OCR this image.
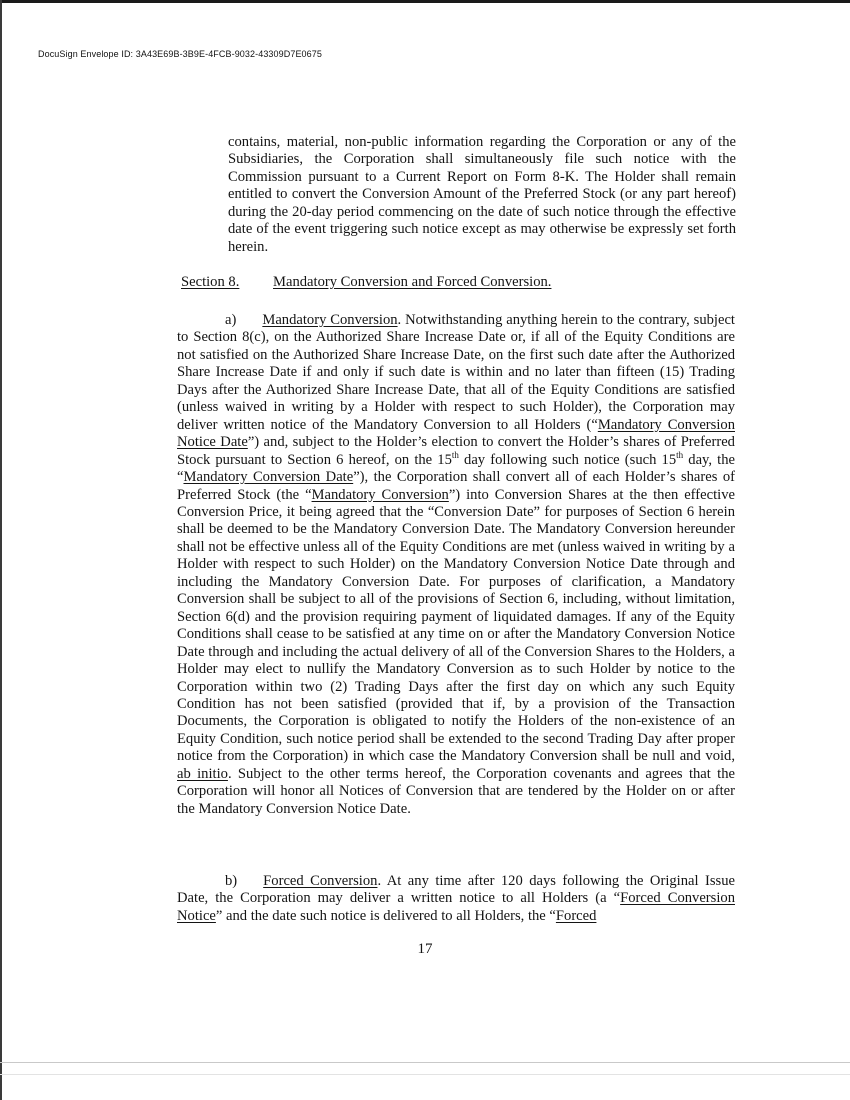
DocuSign Envelope ID: 3A43E69B-3B9E-4FCB-9032-43309D7E0675

contains, material, non-public information regarding the Corporation or any of the Subsidiaries, the Corporation shall simultaneously file such notice with the Commission pursuant to a Current Report on Form 8-K. The Holder shall remain entitled to convert the Conversion Amount of the Preferred Stock (or any part hereof) during the 20-day period commencing on the date of such notice through the effective date of the event triggering such notice except as may otherwise be expressly set forth herein.

Section 8. Mandatory Conversion and Forced Conversion.

a) Mandatory Conversion. Notwithstanding anything herein to the contrary, subject to Section 8(c), on the Authorized Share Increase Date or, if all of the Equity Conditions are not satisfied on the Authorized Share Increase Date, on the first such date after the Authorized Share Increase Date if and only if such date is within and no later than fifteen (15) Trading Days after the Authorized Share Increase Date, that all of the Equity Conditions are satisfied (unless waived in writing by a Holder with respect to such Holder), the Corporation may deliver written notice of the Mandatory Conversion to all Holders (“Mandatory Conversion Notice Date”) and, subject to the Holder’s election to convert the Holder’s shares of Preferred Stock pursuant to Section 6 hereof, on the 15th day following such notice (such 15th day, the “Mandatory Conversion Date”), the Corporation shall convert all of each Holder’s shares of Preferred Stock (the “Mandatory Conversion”) into Conversion Shares at the then effective Conversion Price, it being agreed that the “Conversion Date” for purposes of Section 6 herein shall be deemed to be the Mandatory Conversion Date. The Mandatory Conversion hereunder shall not be effective unless all of the Equity Conditions are met (unless waived in writing by a Holder with respect to such Holder) on the Mandatory Conversion Notice Date through and including the Mandatory Conversion Date. For purposes of clarification, a Mandatory Conversion shall be subject to all of the provisions of Section 6, including, without limitation, Section 6(d) and the provision requiring payment of liquidated damages. If any of the Equity Conditions shall cease to be satisfied at any time on or after the Mandatory Conversion Notice Date through and including the actual delivery of all of the Conversion Shares to the Holders, a Holder may elect to nullify the Mandatory Conversion as to such Holder by notice to the Corporation within two (2) Trading Days after the first day on which any such Equity Condition has not been satisfied (provided that if, by a provision of the Transaction Documents, the Corporation is obligated to notify the Holders of the non-existence of an Equity Condition, such notice period shall be extended to the second Trading Day after proper notice from the Corporation) in which case the Mandatory Conversion shall be null and void, ab initio. Subject to the other terms hereof, the Corporation covenants and agrees that the Corporation will honor all Notices of Conversion that are tendered by the Holder on or after the Mandatory Conversion Notice Date.

b) Forced Conversion. At any time after 120 days following the Original Issue Date, the Corporation may deliver a written notice to all Holders (a “Forced Conversion Notice” and the date such notice is delivered to all Holders, the “Forced

17
